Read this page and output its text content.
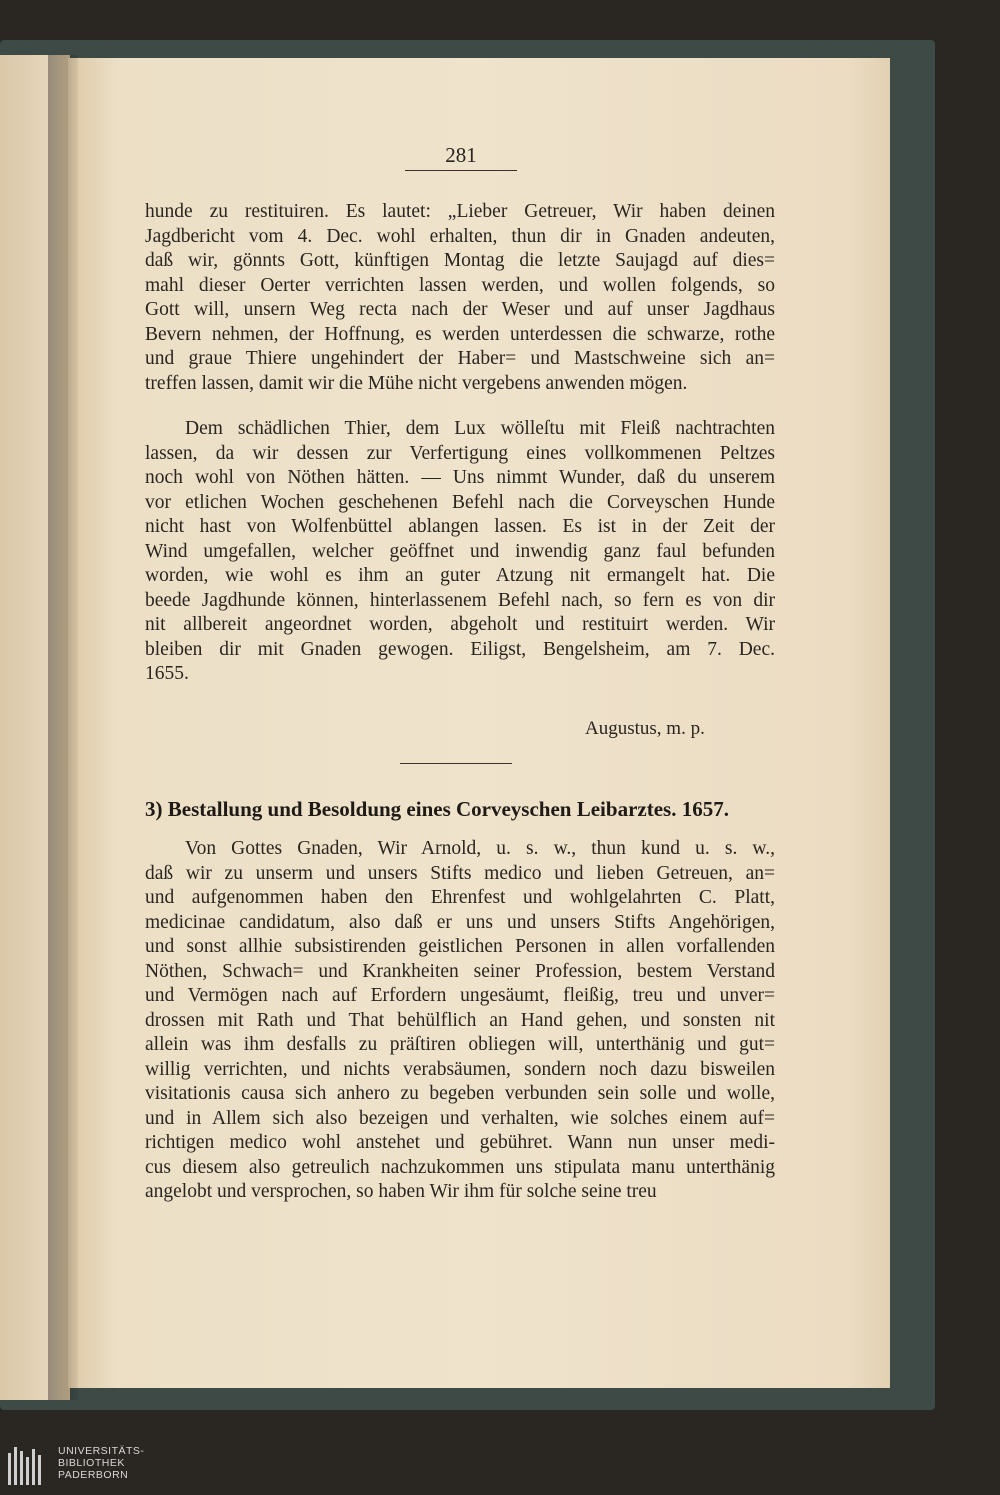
281
hunde zu restituiren. Es lautet: „Lieber Getreuer, Wir haben deinen
Jagdbericht vom 4. Dec. wohl erhalten, thun dir in Gnaden andeuten,
daß wir, gönnts Gott, künftigen Montag die letzte Saujagd auf dies=
mahl dieser Oerter verrichten lassen werden, und wollen folgends, so
Gott will, unsern Weg recta nach der Weser und auf unser Jagdhaus
Bevern nehmen, der Hoffnung, es werden unterdessen die schwarze, rothe
und graue Thiere ungehindert der Haber= und Mastschweine sich an=
treffen lassen, damit wir die Mühe nicht vergebens anwenden mögen.
Dem schädlichen Thier, dem Lux wölleſtu mit Fleiß nachtrachten
lassen, da wir dessen zur Verfertigung eines vollkommenen Peltzes
noch wohl von Nöthen hätten. — Uns nimmt Wunder, daß du unserem
vor etlichen Wochen geschehenen Befehl nach die Corveyschen Hunde
nicht hast von Wolfenbüttel ablangen lassen. Es ist in der Zeit der
Wind umgefallen, welcher geöffnet und inwendig ganz faul befunden
worden, wie wohl es ihm an guter Atzung nit ermangelt hat. Die
beede Jagdhunde können, hinterlassenem Befehl nach, so fern es von dir
nit allbereit angeordnet worden, abgeholt und restituirt werden. Wir
bleiben dir mit Gnaden gewogen. Eiligst, Bengelsheim, am 7. Dec.
1655.
Augustus, m. p.
3) Bestallung und Besoldung eines Corveyschen Leibarztes. 1657.
Von Gottes Gnaden, Wir Arnold, u. s. w., thun kund u. s. w.,
daß wir zu unserm und unsers Stifts medico und lieben Getreuen, an=
und aufgenommen haben den Ehrenfest und wohlgelahrten C. Platt,
medicinae candidatum, also daß er uns und unsers Stifts Angehörigen,
und sonst allhie subsistirenden geistlichen Personen in allen vorfallenden
Nöthen, Schwach= und Krankheiten seiner Profession, bestem Verstand
und Vermögen nach auf Erfordern ungesäumt, fleißig, treu und unver=
drossen mit Rath und That behülflich an Hand gehen, und sonsten nit
allein was ihm desfalls zu präſtiren obliegen will, unterthänig und gut=
willig verrichten, und nichts verabsäumen, sondern noch dazu bisweilen
visitationis causa sich anhero zu begeben verbunden sein solle und wolle,
und in Allem sich also bezeigen und verhalten, wie solches einem auf=
richtigen medico wohl anstehet und gebühret. Wann nun unser medi-
cus diesem also getreulich nachzukommen uns stipulata manu unterthänig
angelobt und versprochen, so haben Wir ihm für solche seine treu
UNIVERSITÄTS-
BIBLIOTHEK
PADERBORN
